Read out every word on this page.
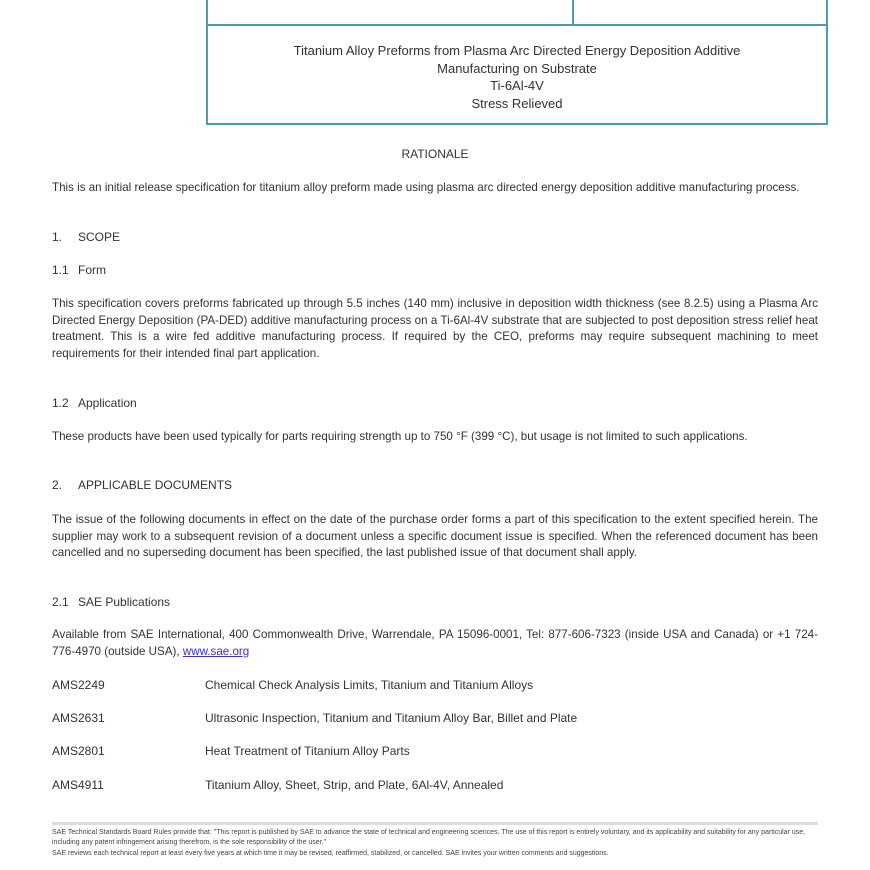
Titanium Alloy Preforms from Plasma Arc Directed Energy Deposition Additive
Manufacturing on Substrate
Ti-6Al-4V
Stress Relieved
RATIONALE
This is an initial release specification for titanium alloy preform made using plasma arc directed energy deposition additive manufacturing process.
1. SCOPE
1.1 Form
This specification covers preforms fabricated up through 5.5 inches (140 mm) inclusive in deposition width thickness (see 8.2.5) using a Plasma Arc Directed Energy Deposition (PA-DED) additive manufacturing process on a Ti-6Al-4V substrate that are subjected to post deposition stress relief heat treatment. This is a wire fed additive manufacturing process. If required by the CEO, preforms may require subsequent machining to meet requirements for their intended final part application.
1.2 Application
These products have been used typically for parts requiring strength up to 750 °F (399 °C), but usage is not limited to such applications.
2. APPLICABLE DOCUMENTS
The issue of the following documents in effect on the date of the purchase order forms a part of this specification to the extent specified herein. The supplier may work to a subsequent revision of a document unless a specific document issue is specified. When the referenced document has been cancelled and no superseding document has been specified, the last published issue of that document shall apply.
2.1 SAE Publications
Available from SAE International, 400 Commonwealth Drive, Warrendale, PA 15096-0001, Tel: 877-606-7323 (inside USA and Canada) or +1 724-776-4970 (outside USA), www.sae.org
AMS2249	Chemical Check Analysis Limits, Titanium and Titanium Alloys
AMS2631	Ultrasonic Inspection, Titanium and Titanium Alloy Bar, Billet and Plate
AMS2801	Heat Treatment of Titanium Alloy Parts
AMS4911	Titanium Alloy, Sheet, Strip, and Plate, 6Al-4V, Annealed

SAE Technical Standards Board Rules provide that: "This report is published by SAE to advance the state of technical and engineering sciences. The use of this report is entirely voluntary, and its applicability and suitability for any particular use, including any patent infringement arising therefrom, is the sole responsibility of the user."

SAE reviews each technical report at least every five years at which time it may be revised, reaffirmed, stabilized, or cancelled. SAE invites your written comments and suggestions.
